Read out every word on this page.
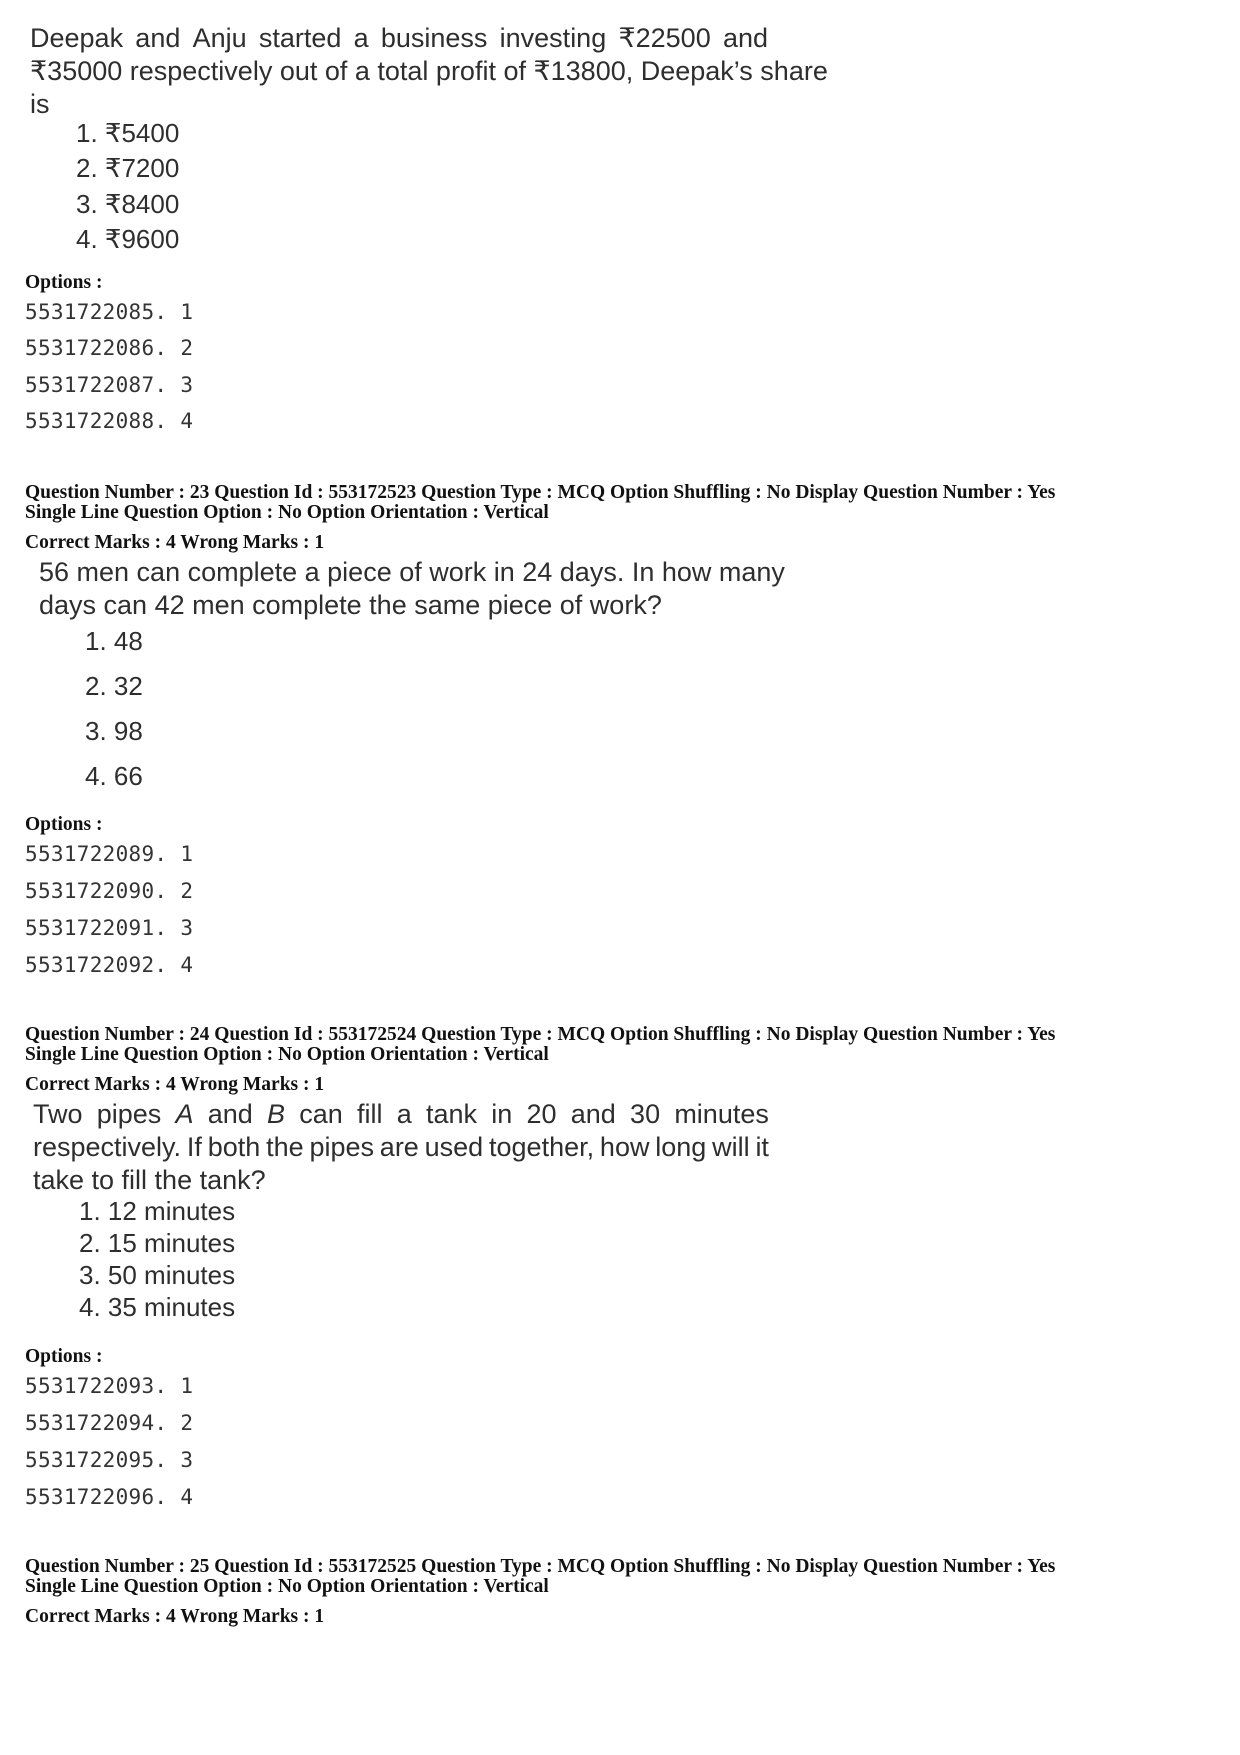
Deepak and Anju started a business investing ₹22500 and
₹35000 respectively out of a total profit of ₹13800, Deepak’s share
is
1. ₹5400
2. ₹7200
3. ₹8400
4. ₹9600
Options :
5531722085. 1
5531722086. 2
5531722087. 3
5531722088. 4
Question Number : 23 Question Id : 553172523 Question Type : MCQ Option Shuffling : No Display Question Number : Yes
Single Line Question Option : No Option Orientation : Vertical
Correct Marks : 4 Wrong Marks : 1
56 men can complete a piece of work in 24 days. In how many
days can 42 men complete the same piece of work?
1. 48
2. 32
3. 98
4. 66
Options :
5531722089. 1
5531722090. 2
5531722091. 3
5531722092. 4
Question Number : 24 Question Id : 553172524 Question Type : MCQ Option Shuffling : No Display Question Number : Yes
Single Line Question Option : No Option Orientation : Vertical
Correct Marks : 4 Wrong Marks : 1
Two pipes A and B can fill a tank in 20 and 30 minutes
respectively. If both the pipes are used together, how long will it
take to fill the tank?
1. 12 minutes
2. 15 minutes
3. 50 minutes
4. 35 minutes
Options :
5531722093. 1
5531722094. 2
5531722095. 3
5531722096. 4
Question Number : 25 Question Id : 553172525 Question Type : MCQ Option Shuffling : No Display Question Number : Yes
Single Line Question Option : No Option Orientation : Vertical
Correct Marks : 4 Wrong Marks : 1
